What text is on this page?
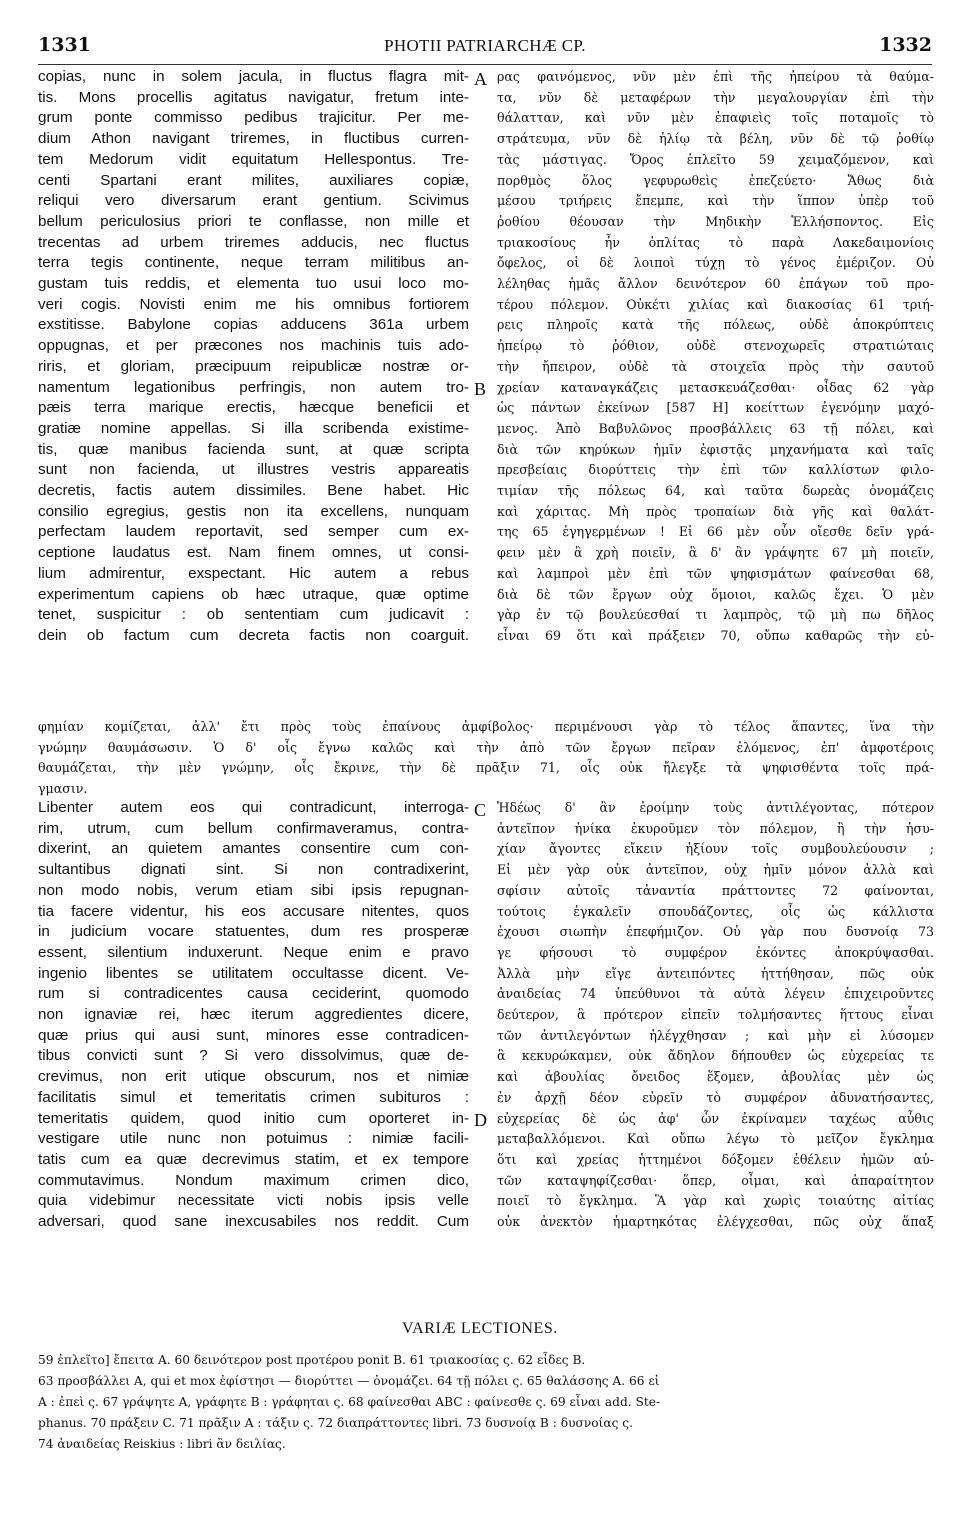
1331	PHOTII PATRIARCHÆ CP.	1332
copias, nunc in solem jacula, in fluctus flagra mit-
tis. Mons procellis agitatus navigatur, fretum inte-
grum ponte commisso pedibus trajicitur. Per me-
dium Athon navigant triremes, in fluctibus curren-
tem Medorum vidit equitatum Hellespontus. Tre-
centi Spartani erant milites, auxiliares copiæ,
reliqui vero diversarum erant gentium. Scivimus
bellum periculosius priori te conflasse, non mille et
trecentas ad urbem triremes adducis, nec fluctus
terra tegis continente, neque terram militibus an-
gustam tuis reddis, et elementa tuo usui loco mo-
veri cogis. Novisti enim me his omnibus fortiorem
exstitisse. Babylone copias adducens 361a urbem
oppugnas, et per præcones nos machinis tuis ado-
riris, et gloriam, præcipuum reipublicæ nostræ or-
namentum legationibus perfringis, non autem tro-
pæis terra marique erectis, hæcque beneficii et
gratiæ nomine appellas. Si illa scribenda existime-
tis, quæ manibus facienda sunt, at quæ scripta
sunt non facienda, ut illustres vestris appareatis
decretis, factis autem dissimiles. Bene habet. Hic
consilio egregius, gestis non ita excellens, nunquam
perfectam laudem reportavit, sed semper cum ex-
ceptione laudatus est. Nam finem omnes, ut consi-
lium admirentur, exspectant. Hic autem a rebus
experimentum capiens ob hæc utraque, quæ optime
tenet, suspicitur : ob sententiam cum judicavit :
dein ob factum cum decreta factis non coarguit.
ρας φαινόμενος, νῦν μὲν ἐπὶ τῆς ἠπείρου τὰ θαύμα-
τα, νῦν δὲ μεταφέρων τὴν μεγαλουργίαν ἐπὶ τὴν
θάλατταν, καὶ νῦν μὲν ἐπαφιεὶς τοῖς ποταμοῖς τὸ
στράτευμα, νῦν δὲ ἡλίῳ τὰ βέλη, νῦν δὲ τῷ ῥοθίῳ
τὰς μάστιγας. Ὄρος ἐπλεῖτο 59 χειμαζόμενον, καὶ
πορθμὸς ὅλος γεφυρωθεὶς ἐπεζεύετο· Ἄθως διὰ
μέσου τριήρεις ἔπεμπε, καὶ τὴν ἵππον ὑπὲρ τοῦ
ῥοθίου θέουσαν τὴν Μηδικὴν Ἑλλήσποντος. Εἰς
τριακοσίους ἦν ὁπλίτας τὸ παρὰ Λακεδαιμονίοις
ὄφελος, οἱ δὲ λοιποὶ τύχῃ τὸ γένος ἐμέριζον. Οὐ
λέληθας ἡμᾶς ἄλλον δεινότερον 60 ἐπάγων τοῦ προ-
τέρου πόλεμον. Οὐκέτι χιλίας καὶ διακοσίας 61 τριή-
ρεις πληροῖς κατὰ τῆς πόλεως, οὐδὲ ἀποκρύπτεις
ἠπείρῳ τὸ ῥόθιον, οὐδὲ στενοχωρεῖς στρατιώταις
τὴν ἤπειρον, οὐδὲ τὰ στοιχεῖα πρὸς τὴν σαυτοῦ
χρείαν καταναγκάζεις μετασκευάζεσθαι· οἶδας 62 γὰρ
ὡς πάντων ἐκείνων [587 H] κοείττων ἐγενόμην μαχό-
μενος. Ἀπὸ Βαβυλῶνος προσβάλλεις 63 τῇ πόλει, καὶ
διὰ τῶν κηρύκων ἡμῖν ἐφιστᾷς μηχανήματα καὶ ταῖς
πρεσβείαις διορύττεις τὴν ἐπὶ τῶν καλλίστων φιλο-
τιμίαν τῆς πόλεως 64, καὶ ταῦτα δωρεὰς ὀνομάζεις
καὶ χάριτας. Μὴ πρὸς τροπαίων διὰ γῆς καὶ θαλάτ-
της 65 ἐγηγερμένων ! Εἰ 66 μὲν οὖν οἴεσθε δεῖν γρά-
φειν μὲν ἃ χρὴ ποιεῖν, ἃ δ' ἂν γράψητε 67 μὴ ποιεῖν,
καὶ λαμπροὶ μὲν ἐπὶ τῶν ψηφισμάτων φαίνεσθαι 68,
διὰ δὲ τῶν ἔργων οὐχ ὅμοιοι, καλῶς ἔχει. Ὁ μὲν
γὰρ ἐν τῷ βουλεύεσθαί τι λαμπρὸς, τῷ μὴ πω δῆλος
εἶναι 69 ὅτι καὶ πράξειεν 70, οὔπω καθαρῶς τὴν εὐ-
φημίαν κομίζεται, ἀλλ' ἔτι πρὸς τοὺς ἐπαίνους ἀμφίβολος· περιμένουσι γὰρ τὸ τέλος ἅπαντες, ἵνα τὴν
γνώμην θαυμάσωσιν. Ὁ δ' οἷς ἔγνω καλῶς καὶ τὴν ἀπὸ τῶν ἔργων πεῖραν ἐλόμενος, ἐπ' ἀμφοτέροις
θαυμάζεται, τὴν μὲν γνώμην, οἷς ἔκρινε, τὴν δὲ πρᾶξιν 71, οἷς οὐκ ἤλεγξε τὰ ψηφισθέντα τοῖς πρά-
γμασιν.
Libenter autem eos qui contradicunt, interroga-
rim, utrum, cum bellum confirmaveramus, contra-
dixerint, an quietem amantes consentire cum con-
sultantibus dignati sint. Si non contradixerint,
non modo nobis, verum etiam sibi ipsis repugnan-
tia facere videntur, his eos accusare nitentes, quos
in judicium vocare statuentes, dum res prosperæ
essent, silentium induxerunt. Neque enim e pravo
ingenio libentes se utilitatem occultasse dicent. Ve-
rum si contradicentes causa ceciderint, quomodo
non ignaviæ rei, hæc iterum aggredientes dicere,
quæ prius qui ausi sunt, minores esse contradicen-
tibus convicti sunt ? Si vero dissolvimus, quæ de-
crevimus, non erit utique obscurum, nos et nimiæ
facilitatis simul et temeritatis crimen subituros :
temeritatis quidem, quod initio cum oporteret in-
vestigare utile nunc non potuimus : nimiæ facili-
tatis cum ea quæ decrevimus statim, et ex tempore
commutavimus. Nondum maximum crimen dico,
quia videbimur necessitate victi nobis ipsis velle
adversari, quod sane inexcusabiles nos reddit. Cum
Ἡδέως δ' ἂν ἐροίμην τοὺς ἀντιλέγοντας, πότερον
ἀντεῖπον ἡνίκα ἐκυροῦμεν τὸν πόλεμον, ἢ τὴν ἡσυ-
χίαν ἄγοντες εἴκειν ἠξίουν τοῖς συμβουλεύουσιν ;
Εἰ μὲν γὰρ οὐκ ἀντεῖπον, οὐχ ἡμῖν μόνον ἀλλὰ καὶ
σφίσιν αὐτοῖς τἀναντία πράττοντες 72 φαίνονται,
τούτοις ἐγκαλεῖν σπουδάζοντες, οἷς ὡς κάλλιστα
ἐχουσι σιωπὴν ἐπεφήμιζον. Οὐ γὰρ που δυσνοίᾳ 73
γε φήσουσι τὸ συμφέρον ἑκόντες ἀποκρύψασθαι.
Ἀλλὰ μὴν εἴγε ἀντειπόντες ἡττήθησαν, πῶς οὐκ
ἀναιδείας 74 ὑπεύθυνοι τὰ αὐτὰ λέγειν ἐπιχειροῦντες
δεύτερον, ἃ πρότερον εἰπεῖν τολμήσαντες ἥττους εἶναι
τῶν ἀντιλεγόντων ἠλέγχθησαν ; καὶ μὴν εἰ λύσομεν
ἃ κεκυρώκαμεν, οὐκ ἄδηλον δήπουθεν ὡς εὐχερείας τε
καὶ ἀβουλίας ὄνειδος ἕξομεν, ἀβουλίας μὲν ὡς
ἐν ἀρχῇ δέον εὑρεῖν τὸ συμφέρον ἀδυνατήσαντες,
εὐχερείας δὲ ὡς ἀφ' ὧν ἐκρίναμεν ταχέως αὖθις
μεταβαλλόμενοι. Καὶ οὔπω λέγω τὸ μεῖζον ἔγκλημα
ὅτι καὶ χρείας ἡττημένοι δόξομεν ἐθέλειν ἡμῶν αὐ-
τῶν καταψηφίζεσθαι· ὅπερ, οἶμαι, καὶ ἀπαραίτητον
ποιεῖ τὸ ἔγκλημα. Ἃ γὰρ καὶ χωρὶς τοιαύτης αἰτίας
οὐκ ἀνεκτὸν ἡμαρτηκότας ἐλέγχεσθαι, πῶς οὐχ ἅπαξ
A
B
C
D
VARIÆ LECTIONES.
59 ἐπλεῖτο] ἔπειτα A. 60 δεινότερον post προτέρου ponit B. 61 τριακοσίας ς. 62 εἶδες B.
63 προσβάλλει A, qui et mox ἐφίστησι — διορύττει — ὀνομάζει. 64 τῇ πόλει ς. 65 θαλάσσης A. 66 εἰ
A : ἐπεὶ ς. 67 γράψητε A, γράφητε B : γράφηται ς. 68 φαίνεσθαι ABC : φαίνεσθε ς. 69 εἶναι add. Ste-
phanus. 70 πράξειν C. 71 πρᾶξιν A : τάξιν ς. 72 διαπράττοντες libri. 73 δυσνοίᾳ B : δυσνοίας ς.
74 ἀναιδείας Reiskius : libri ἂν δειλίας.
